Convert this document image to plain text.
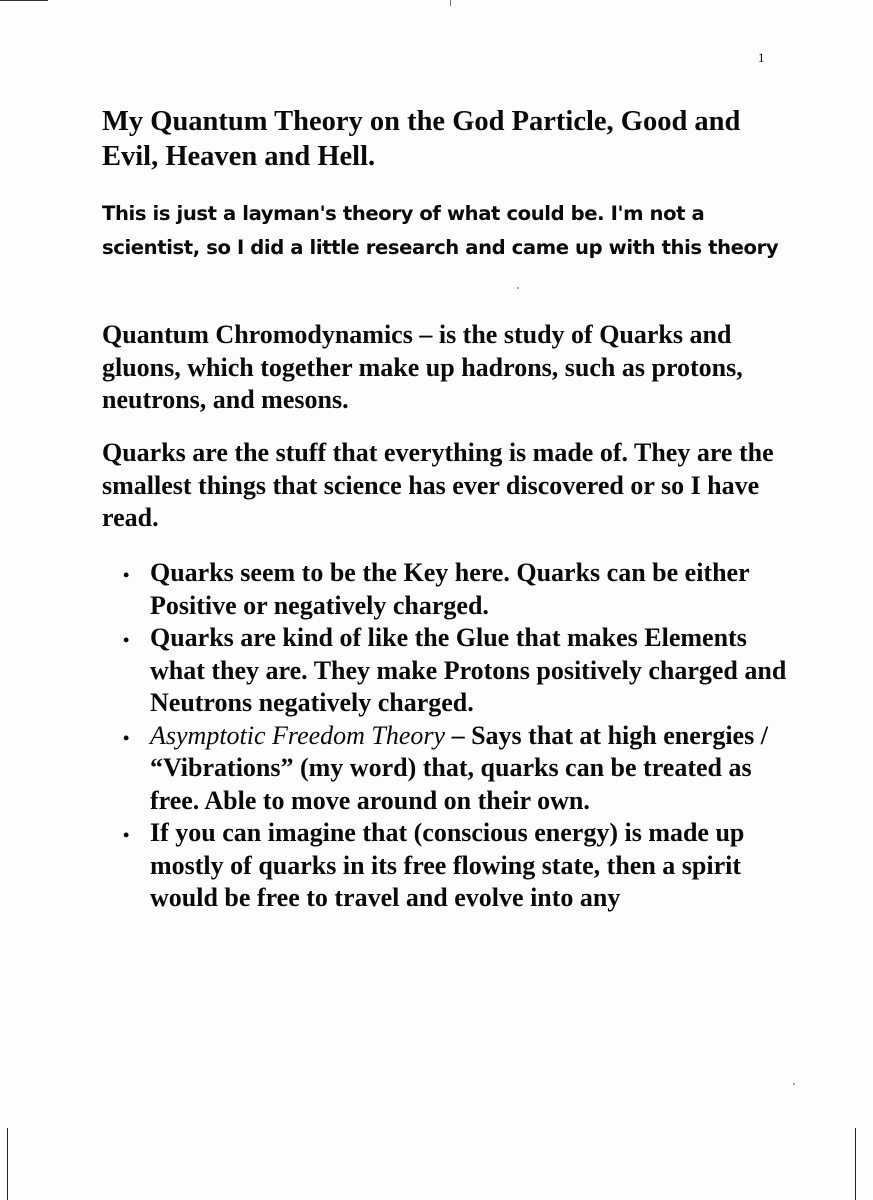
1
My Quantum Theory on the God Particle, Good and Evil, Heaven and Hell.

This is just a layman's theory of what could be. I'm not a scientist, so I did a little research and came up with this theory

Quantum Chromodynamics – is the study of Quarks and gluons, which together make up hadrons, such as protons, neutrons, and mesons.

Quarks are the stuff that everything is made of. They are the smallest things that science has ever discovered or so I have read.

• Quarks seem to be the Key here. Quarks can be either Positive or negatively charged.
• Quarks are kind of like the Glue that makes Elements what they are. They make Protons positively charged and Neutrons negatively charged.
• Asymptotic Freedom Theory – Says that at high energies / “Vibrations” (my word) that, quarks can be treated as free. Able to move around on their own.
• If you can imagine that (conscious energy) is made up mostly of quarks in its free flowing state, then a spirit would be free to travel and evolve into any
